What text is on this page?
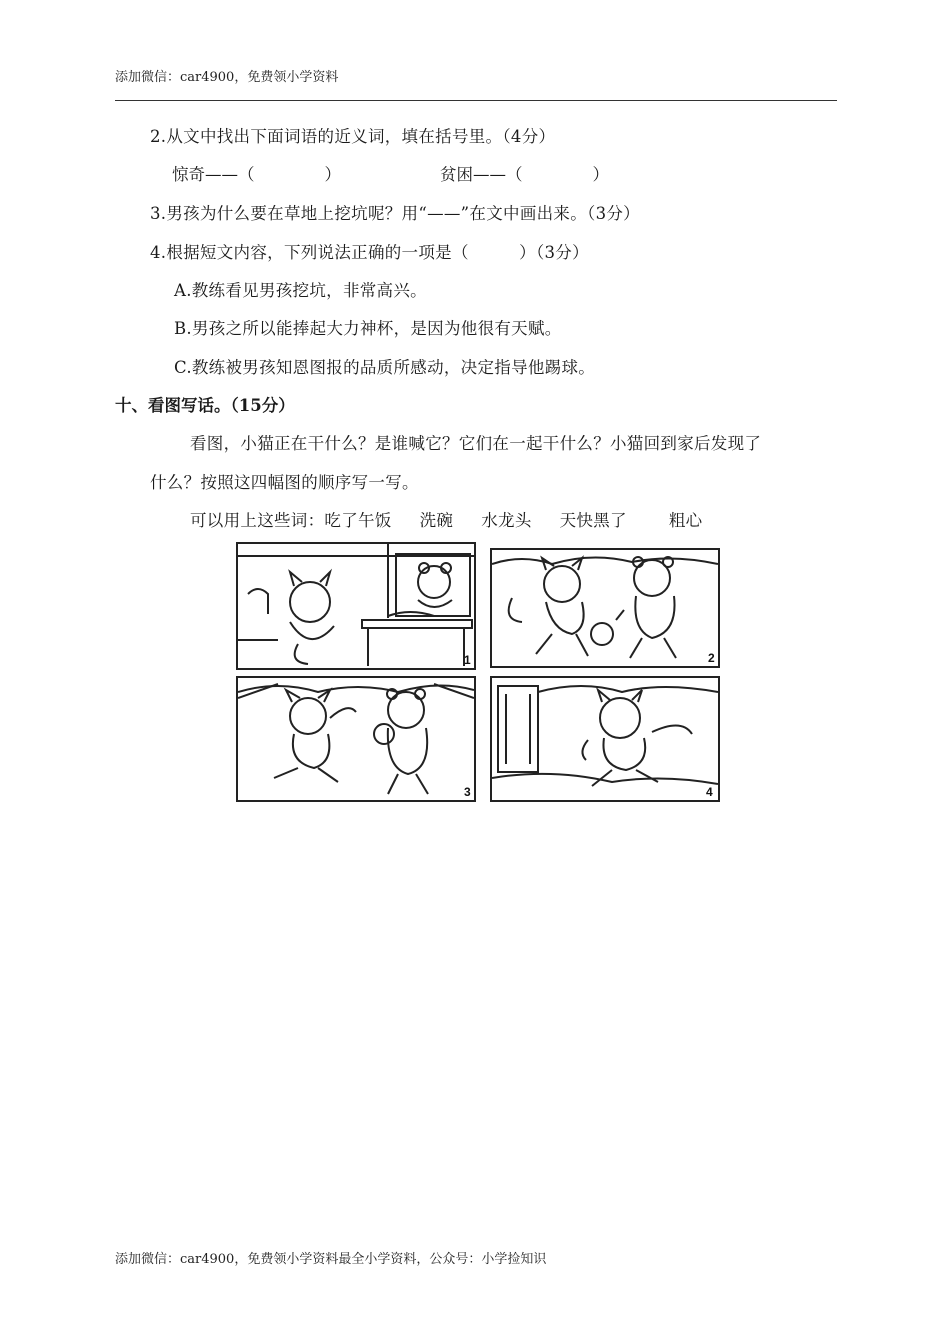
添加微信：car4900，免费领小学资料
2.从文中找出下面词语的近义词，填在括号里。（4分）
惊奇——（	）	贫困——（	）
3.男孩为什么要在草地上挖坑呢？用“——”在文中画出来。（3分）
4.根据短文内容，下列说法正确的一项是（　　　）（3分）
A.教练看见男孩挖坑，非常高兴。
B.男孩之所以能捧起大力神杯，是因为他很有天赋。
C.教练被男孩知恩图报的品质所感动，决定指导他踢球。
十、看图写话。（15分）
看图，小猫正在干什么？是谁喊它？它们在一起干什么？小猫回到家后发现了
什么？按照这四幅图的顺序写一写。
可以用上这些词：吃了午饭 洗碗 水龙头 天快黑了	粗心
1	2
3	4
添加微信：car4900，免费领小学资料最全小学资料，公众号：小学捡知识
